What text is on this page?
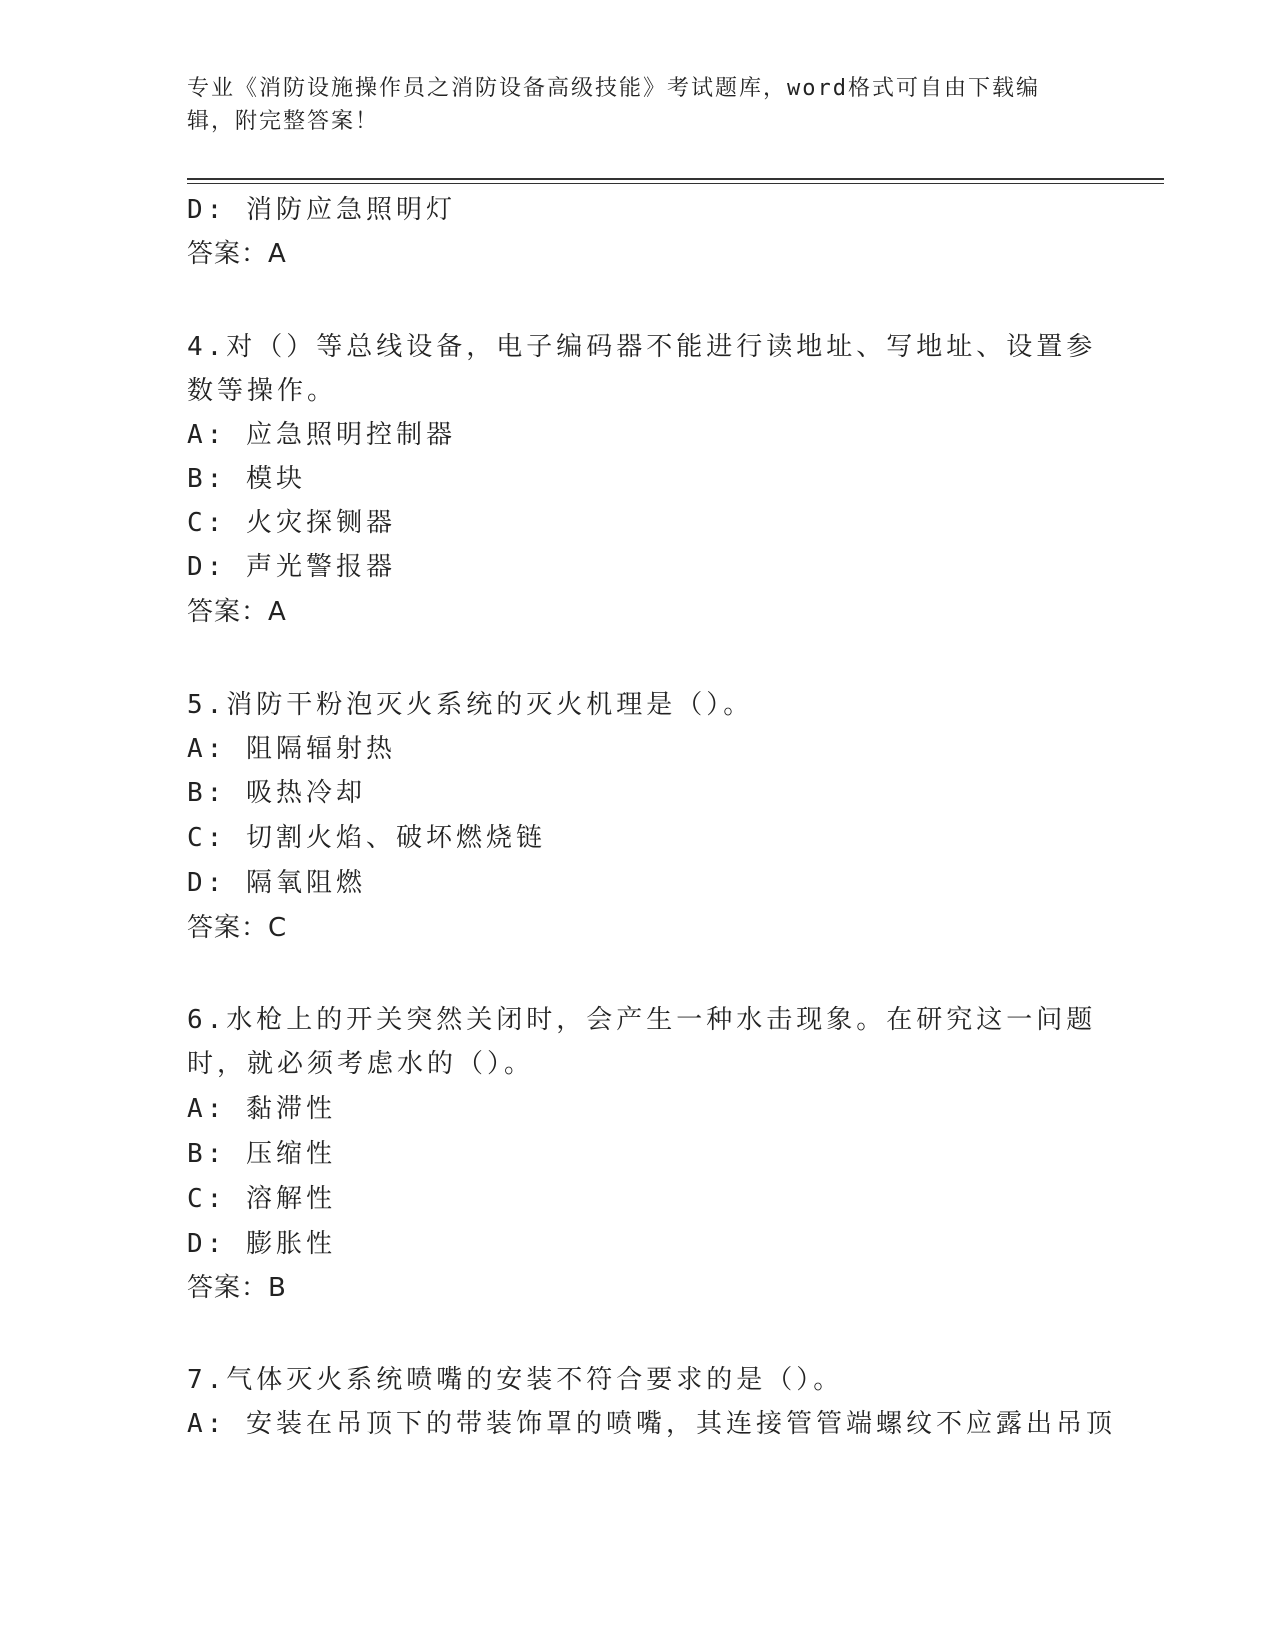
专业《消防设施操作员之消防设备高级技能》考试题库，word格式可自由下载编
辑，附完整答案！
D: 消防应急照明灯
答案：A
4.对（）等总线设备，电子编码器不能进行读地址、写地址、设置参
数等操作。
A: 应急照明控制器
B: 模块
C: 火灾探铡器
D: 声光警报器
答案：A
5.消防干粉泡灭火系统的灭火机理是（）。
A: 阻隔辐射热
B: 吸热冷却
C: 切割火焰、破坏燃烧链
D: 隔氧阻燃
答案：C
6.水枪上的开关突然关闭时，会产生一种水击现象。在研究这一问题
时，就必须考虑水的（）。
A: 黏滞性
B: 压缩性
C: 溶解性
D: 膨胀性
答案：B
7.气体灭火系统喷嘴的安装不符合要求的是（）。
A: 安装在吊顶下的带装饰罩的喷嘴，其连接管管端螺纹不应露出吊顶
